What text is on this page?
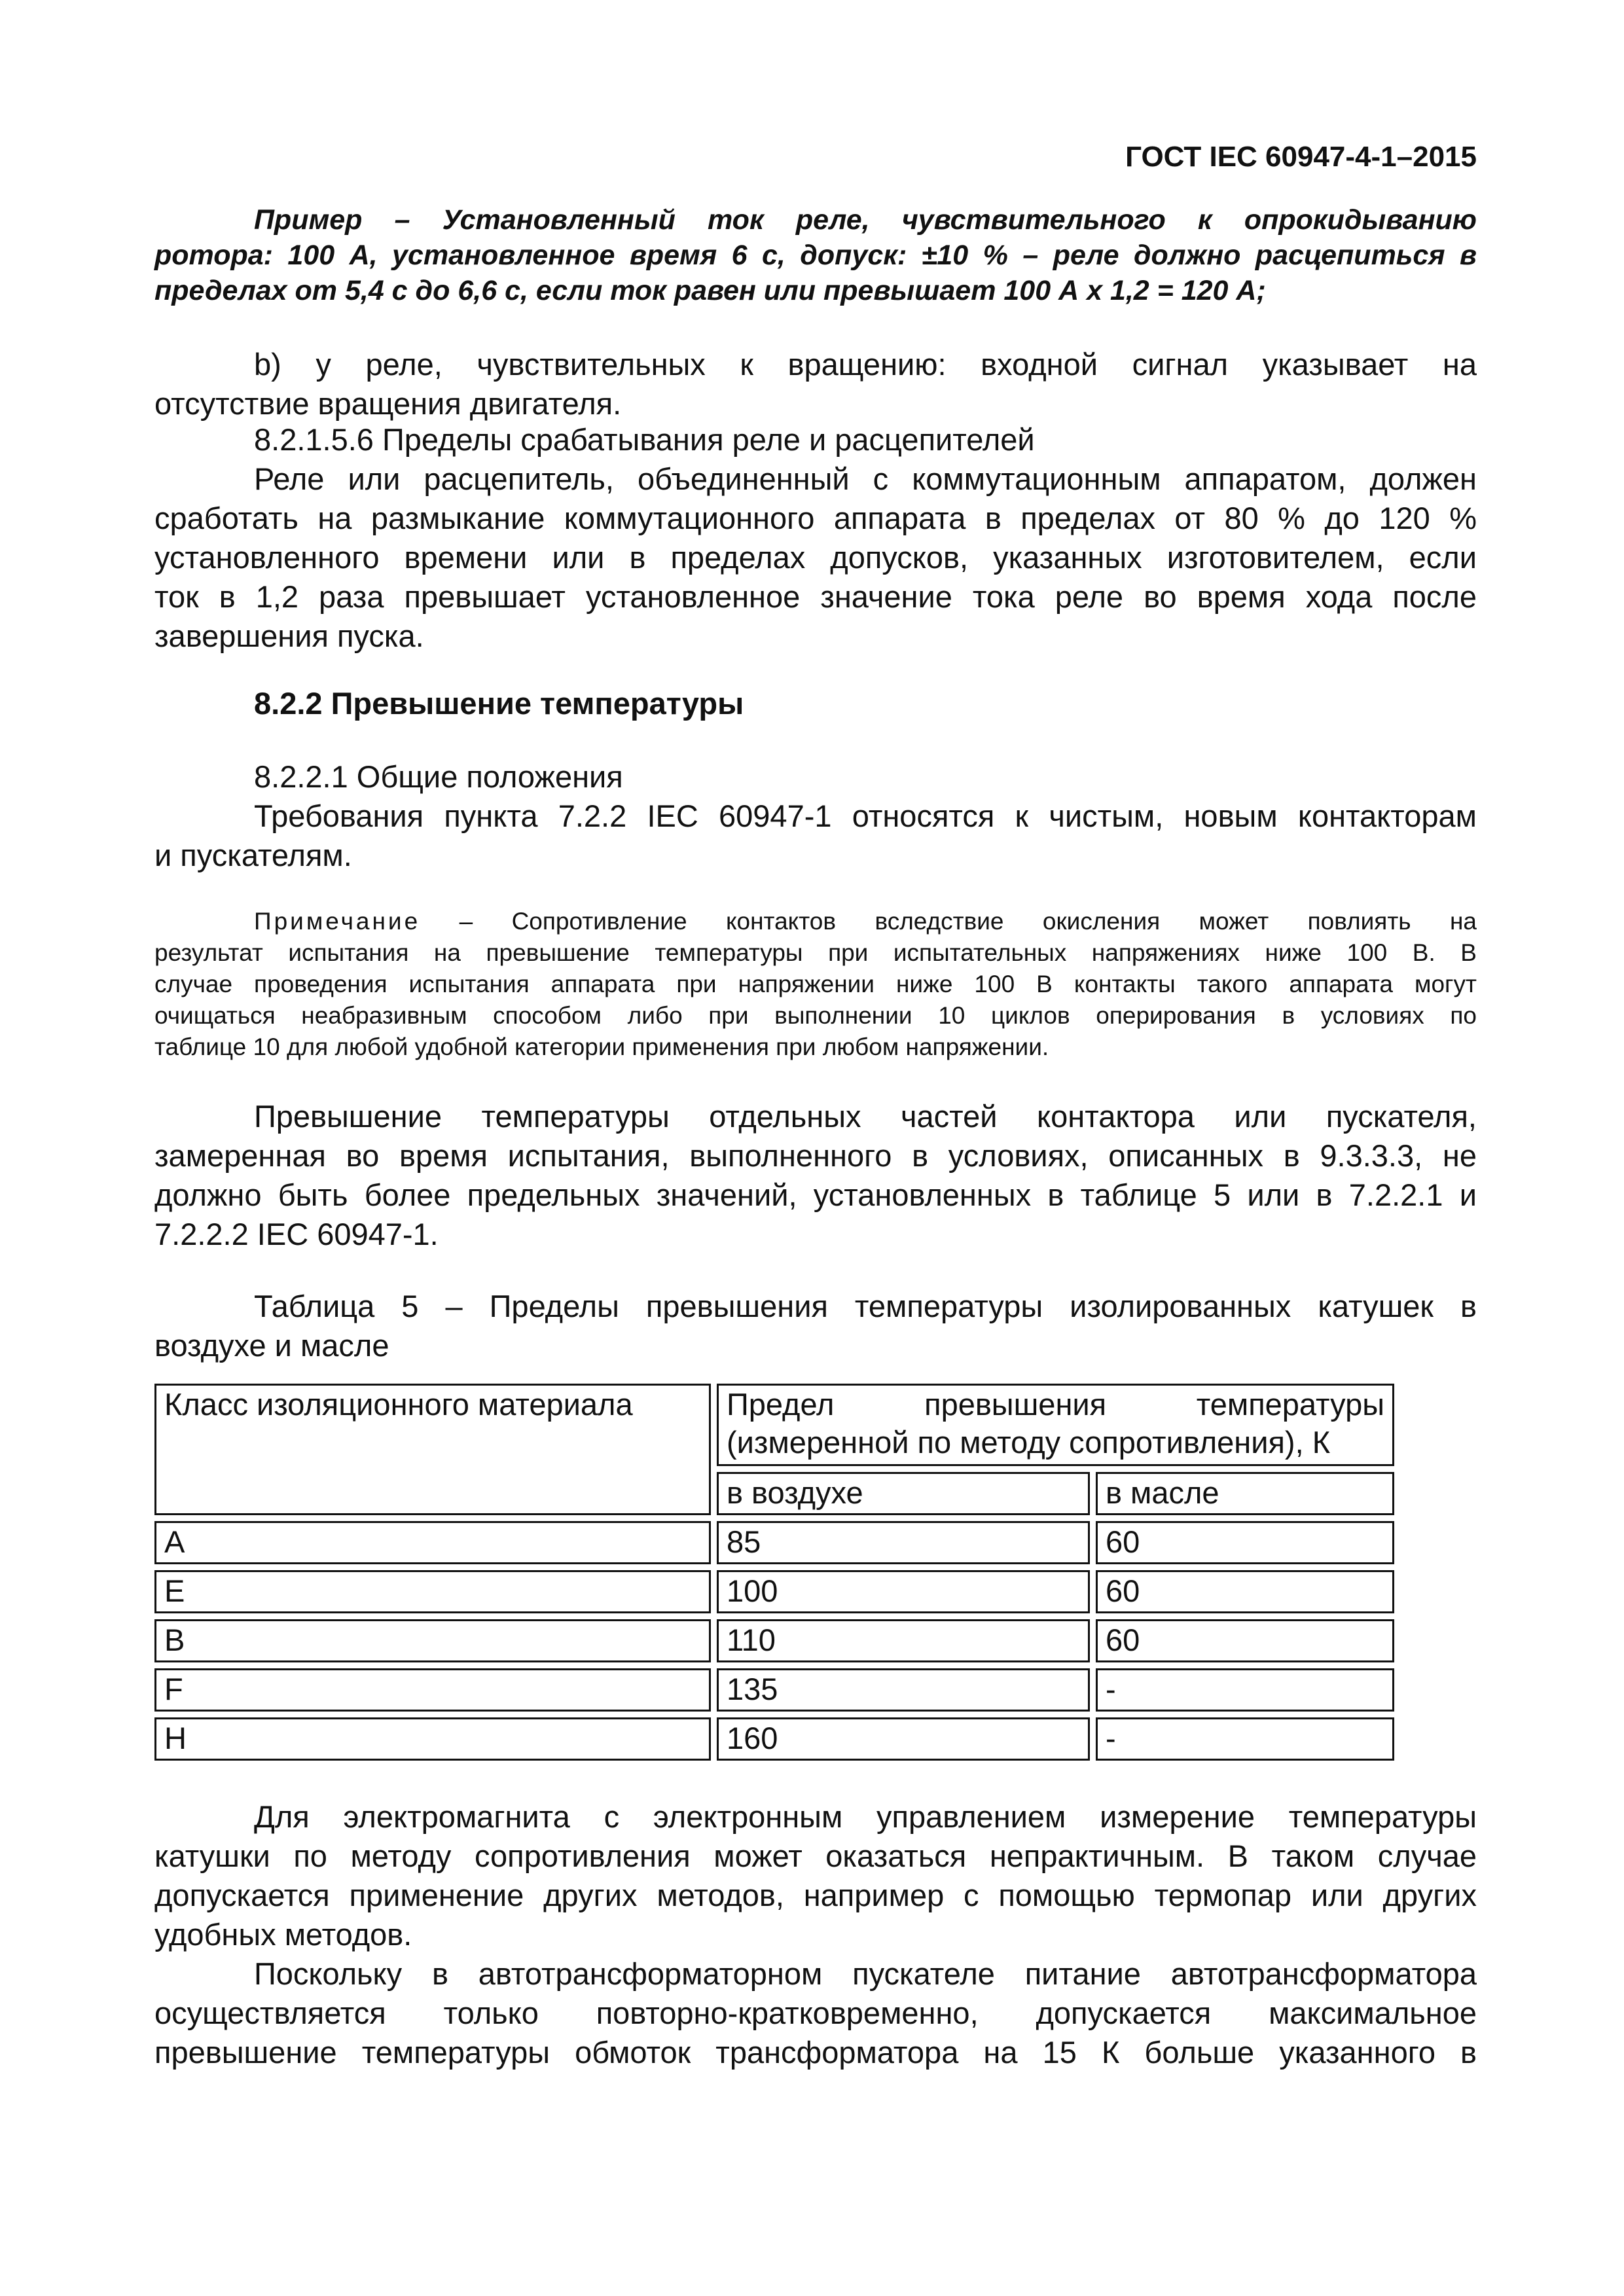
ГОСТ IEC 60947-4-1–2015
Пример – Установленный ток реле, чувствительного к опрокидыванию
ротора: 100 А, установленное время 6 с, допуск: ±10 % – реле должно расцепиться в
пределах от 5,4 с до 6,6 с, если ток равен или превышает 100 А х 1,2 = 120 А;
b) у реле, чувствительных к вращению: входной сигнал указывает на
отсутствие вращения двигателя.
8.2.1.5.6 Пределы срабатывания реле и расцепителей
Реле или расцепитель, объединенный с коммутационным аппаратом, должен
сработать на размыкание коммутационного аппарата в пределах от 80 % до 120 %
установленного времени или в пределах допусков, указанных изготовителем, если
ток в 1,2 раза превышает установленное значение тока реле во время хода после
завершения пуска.
8.2.2 Превышение температуры
8.2.2.1 Общие положения
Требования пункта 7.2.2 IEC 60947-1 относятся к чистым, новым контакторам
и пускателям.
Примечание – Сопротивление контактов вследствие окисления может повлиять на
результат испытания на превышение температуры при испытательных напряжениях ниже 100 В. В
случае проведения испытания аппарата при напряжении ниже 100 В контакты такого аппарата могут
очищаться неабразивным способом либо при выполнении 10 циклов оперирования в условиях по
таблице 10 для любой удобной категории применения при любом напряжении.
Превышение температуры отдельных частей контактора или пускателя,
замеренная во время испытания, выполненного в условиях, описанных в 9.3.3.3, не
должно быть более предельных значений, установленных в таблице 5 или в 7.2.2.1 и
7.2.2.2 IEC 60947-1.
Таблица 5 – Пределы превышения температуры изолированных катушек в
воздухе и масле
Класс изоляционного материала	Предел превышения температуры
(измеренной по методу сопротивления), К	

	в воздухе	в масле
A	85	60
E	100	60
B	110	60
F	135	-
H	160	-
Для электромагнита с электронным управлением измерение температуры
катушки по методу сопротивления может оказаться непрактичным. В таком случае
допускается применение других методов, например с помощью термопар или других
удобных методов.
Поскольку в автотрансформаторном пускателе питание автотрансформатора
осуществляется только повторно-кратковременно, допускается максимальное
превышение температуры обмоток трансформатора на 15 К больше указанного в
